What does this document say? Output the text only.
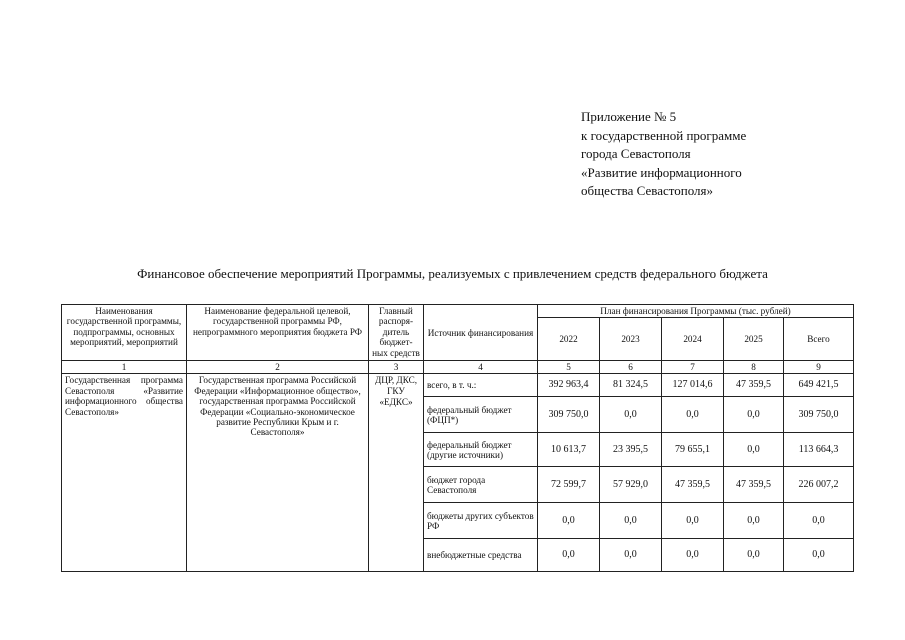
Приложение № 5
к государственной программе
города Севастополя
«Развитие информационного
общества Севастополя»
Финансовое обеспечение мероприятий Программы, реализуемых с привлечением средств федерального бюджета
Наименования государственной программы, подпрограммы, основных мероприятий, мероприятий	Наименование федеральной целевой, государственной программы РФ, непрограммного мероприятия бюджета РФ	Главный распоря-дитель бюджет-ных средств	Источник финансирования	План финансирования Программы (тыс. рублей)				
				2022	2023	2024	2025	Всего
1	2	3	4	5	6	7	8	9
Государственная программа Севастополя «Развитие информационного общества Севастополя»	Государственная программа Российской Федерации «Информационное общество», государственная программа Российской Федерации «Социально-экономическое развитие Республики Крым и г. Севастополя»	ДЦР, ДКС, ГКУ «ЕДКС»	всего, в т. ч.:	392 963,4	81 324,5	127 014,6	47 359,5	649 421,5
			федеральный бюджет (ФЦП*)	309 750,0	0,0	0,0	0,0	309 750,0
			федеральный бюджет (другие источники)	10 613,7	23 395,5	79 655,1	0,0	113 664,3
			бюджет города Севастополя	72 599,7	57 929,0	47 359,5	47 359,5	226 007,2
			бюджеты других субъектов РФ	0,0	0,0	0,0	0,0	0,0
			внебюджетные средства	0,0	0,0	0,0	0,0	0,0
